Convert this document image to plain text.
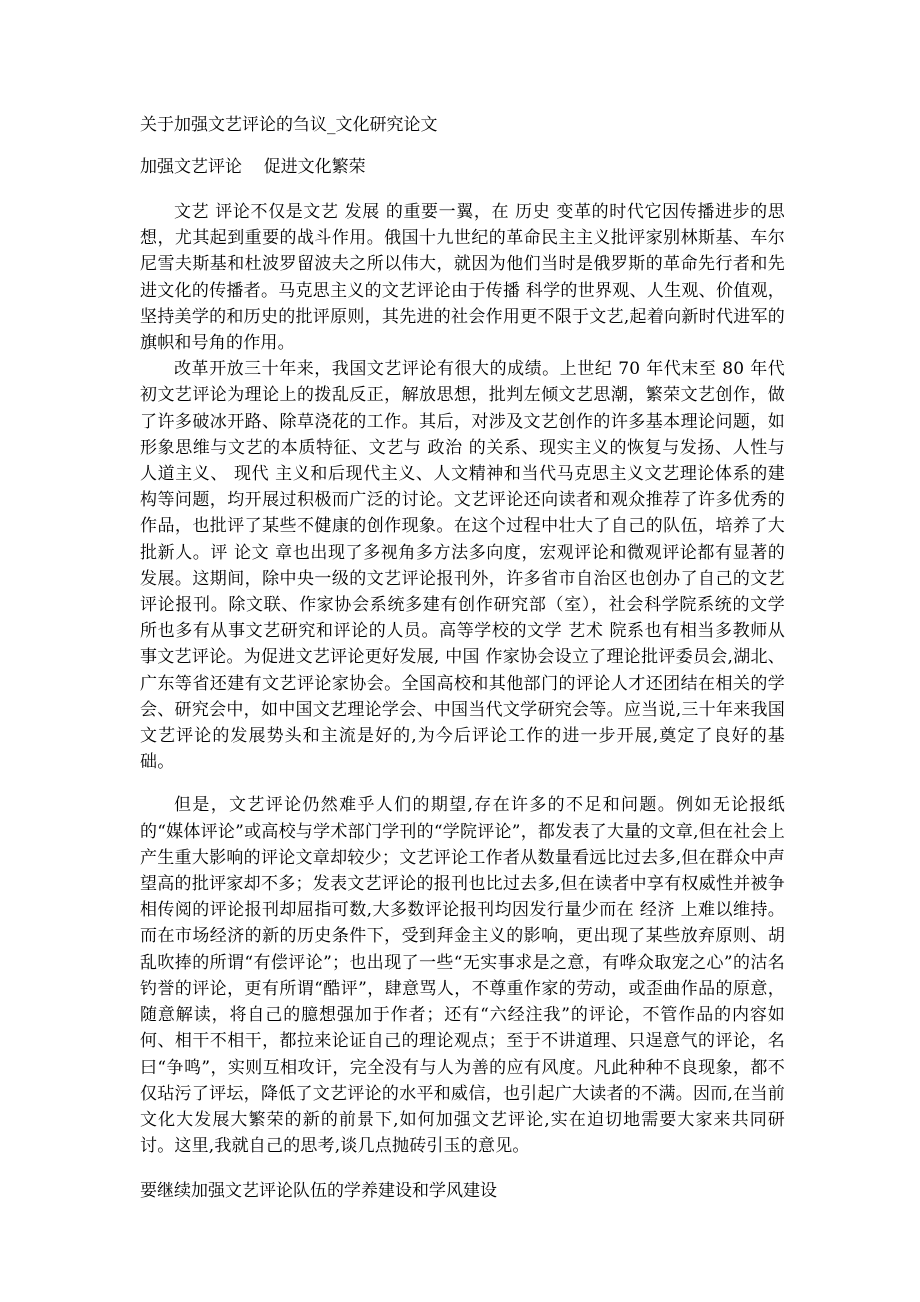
关于加强文艺评论的刍议_文化研究论文

加强文艺评论    促进文化繁荣

文艺 评论不仅是文艺 发展 的重要一翼，在 历史 变革的时代它因传播进步的思想，尤其起到重要的战斗作用。俄国十九世纪的革命民主主义批评家别林斯基、车尔尼雪夫斯基和杜波罗留波夫之所以伟大，就因为他们当时是俄罗斯的革命先行者和先进文化的传播者。马克思主义的文艺评论由于传播 科学的世界观、人生观、价值观，坚持美学的和历史的批评原则，其先进的社会作用更不限于文艺,起着向新时代进军的旗帜和号角的作用。

改革开放三十年来，我国文艺评论有很大的成绩。上世纪 70 年代末至 80 年代初文艺评论为理论上的拨乱反正，解放思想，批判左倾文艺思潮，繁荣文艺创作，做了许多破冰开路、除草浇花的工作。其后，对涉及文艺创作的许多基本理论问题，如形象思维与文艺的本质特征、文艺与 政治 的关系、现实主义的恢复与发扬、人性与人道主义、 现代 主义和后现代主义、人文精神和当代马克思主义文艺理论体系的建构等问题，均开展过积极而广泛的讨论。文艺评论还向读者和观众推荐了许多优秀的作品，也批评了某些不健康的创作现象。在这个过程中壮大了自己的队伍，培养了大批新人。评 论文 章也出现了多视角多方法多向度，宏观评论和微观评论都有显著的发展。这期间，除中央一级的文艺评论报刊外，许多省市自治区也创办了自己的文艺评论报刊。除文联、作家协会系统多建有创作研究部（室），社会科学院系统的文学所也多有从事文艺研究和评论的人员。高等学校的文学 艺术 院系也有相当多教师从事文艺评论。为促进文艺评论更好发展, 中国 作家协会设立了理论批评委员会,湖北、广东等省还建有文艺评论家协会。全国高校和其他部门的评论人才还团结在相关的学会、研究会中，如中国文艺理论学会、中国当代文学研究会等。应当说,三十年来我国文艺评论的发展势头和主流是好的,为今后评论工作的进一步开展,奠定了良好的基础。

但是，文艺评论仍然难乎人们的期望,存在许多的不足和问题。例如无论报纸的“媒体评论”或高校与学术部门学刊的“学院评论”，都发表了大量的文章,但在社会上产生重大影响的评论文章却较少；文艺评论工作者从数量看远比过去多,但在群众中声望高的批评家却不多；发表文艺评论的报刊也比过去多,但在读者中享有权威性并被争相传阅的评论报刊却屈指可数,大多数评论报刊均因发行量少而在 经济 上难以维持。而在市场经济的新的历史条件下，受到拜金主义的影响，更出现了某些放弃原则、胡乱吹捧的所谓“有偿评论”；也出现了一些“无实事求是之意，有哗众取宠之心”的沽名钓誉的评论，更有所谓“酷评”，肆意骂人，不尊重作家的劳动，或歪曲作品的原意，随意解读，将自己的臆想强加于作者；还有“六经注我”的评论，不管作品的内容如何、相干不相干，都拉来论证自己的理论观点；至于不讲道理、只逞意气的评论，名曰“争鸣”，实则互相攻讦，完全没有与人为善的应有风度。凡此种种不良现象，都不仅玷污了评坛，降低了文艺评论的水平和威信，也引起广大读者的不满。因而,在当前文化大发展大繁荣的新的前景下,如何加强文艺评论,实在迫切地需要大家来共同研讨。这里,我就自己的思考,谈几点抛砖引玉的意见。

要继续加强文艺评论队伍的学养建设和学风建设
